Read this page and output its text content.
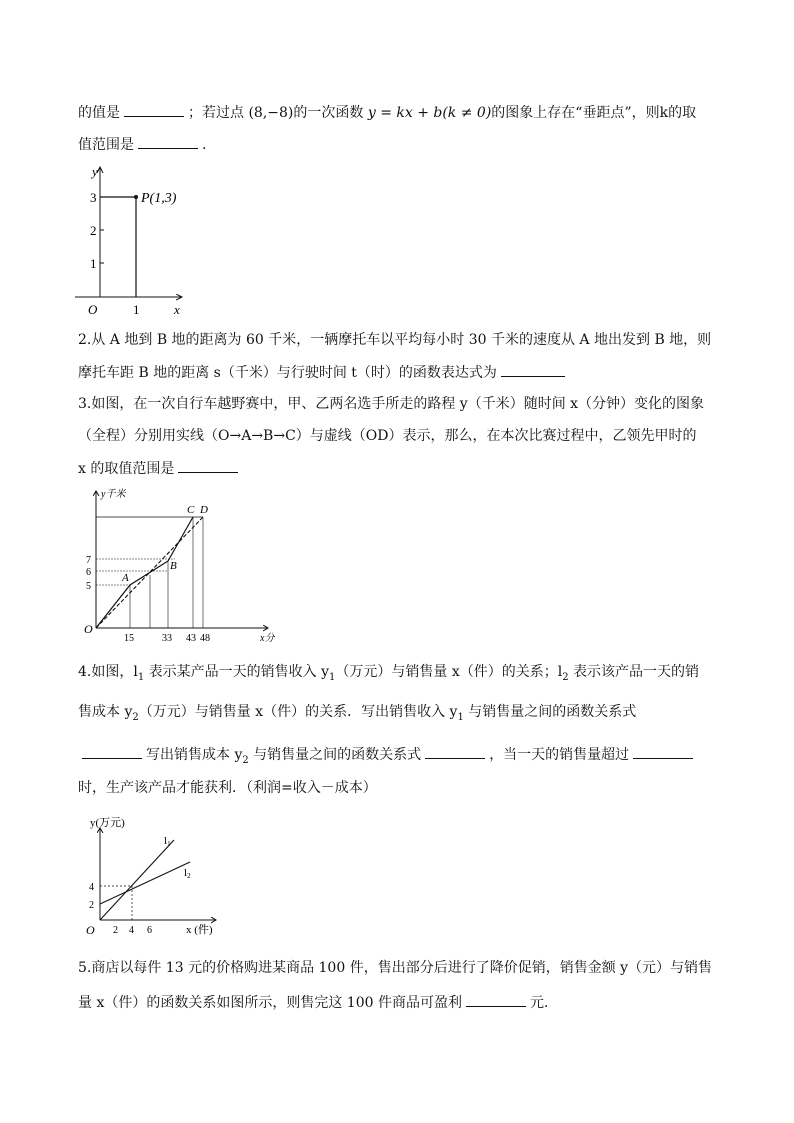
的值是	；若过点 (8,−8)的一次函数 y = kx + b(k ≠ 0)的图象上存在“垂距点”，则k的取
值范围是	.
y
x
O
P(1,3)
1
2
3
1
2.从 A 地到 B 地的距离为 60 千米，一辆摩托车以平均每小时 30 千米的速度从 A 地出发到 B 地，则
摩托车距 B 地的距离 s（千米）与行驶时间 t（时）的函数表达式为
3.如图，在一次自行车越野赛中，甲、乙两名选手所走的路程 y（千米）随时间 x（分钟）变化的图象
（全程）分别用实线（O→A→B→C）与虚线（OD）表示，那么，在本次比赛过程中，乙领先甲时的
x 的取值范围是
y千米
x分
O
A
B
C D
5
6
7
15	33 43 48
4.如图，$l_1$ 表示某产品一天的销售收入 $y_1$（万元）与销售量 x（件）的关系；$l_2$ 表示该产品一天的销
售成本 $y_2$（万元）与销售量 x（件）的关系．写出销售收入 $y_1$ 与销售量之间的函数关系式
写出销售成本 $y_2$ 与销售量之间的函数关系式	，当一天的销售量超过
时，生产该产品才能获利．（利润=收入－成本）
y(万元)
x (件)
O
l1
l2
2
4
2 4 6
5.商店以每件 13 元的价格购进某商品 100 件，售出部分后进行了降价促销，销售金额 y（元）与销售
量 x（件）的函数关系如图所示，则售完这 100 件商品可盈利	元．
